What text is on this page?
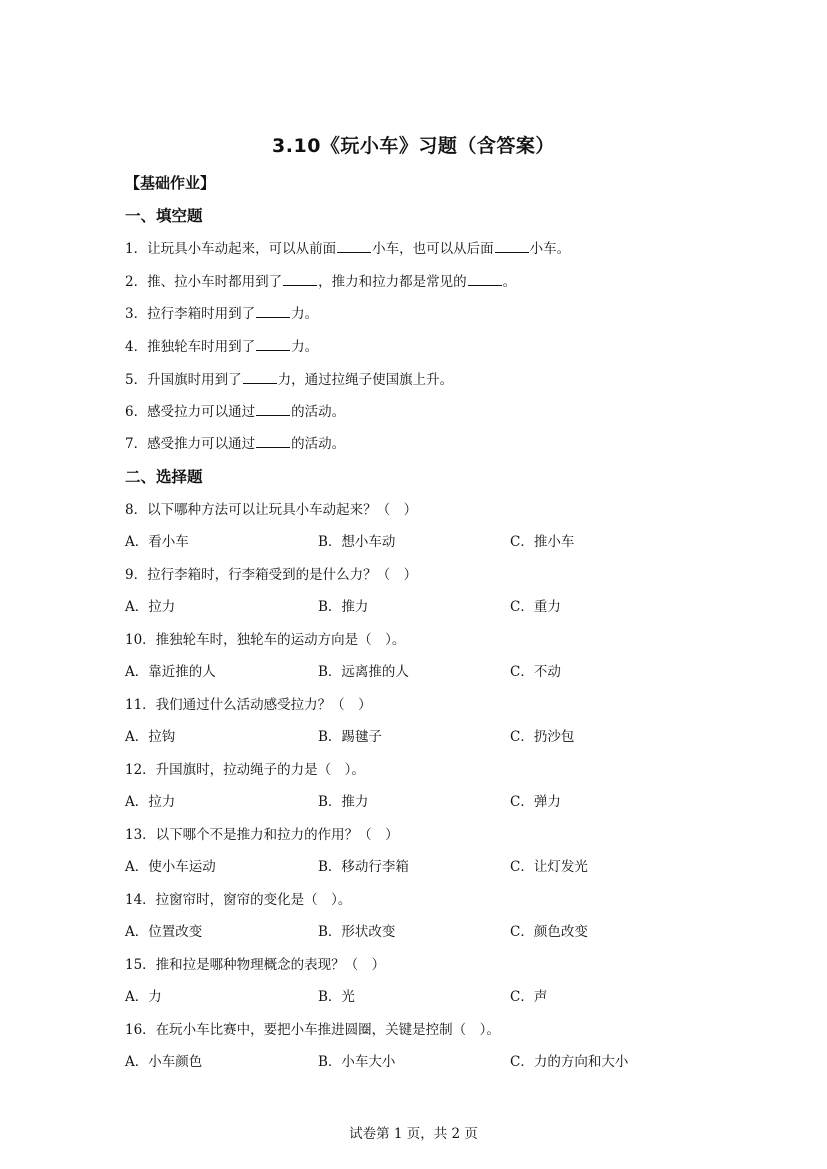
3.10《玩小车》习题（含答案）
【基础作业】
一、填空题
1．让玩具小车动起来，可以从前面	小车，也可以从后面	小车。
2．推、拉小车时都用到了	，推力和拉力都是常见的	。
3．拉行李箱时用到了	力。
4．推独轮车时用到了	力。
5．升国旗时用到了	力，通过拉绳子使国旗上升。
6．感受拉力可以通过	的活动。
7．感受推力可以通过	的活动。
二、选择题
8．以下哪种方法可以让玩具小车动起来？（　）
A．看小车	B．想小车动	C．推小车
9．拉行李箱时，行李箱受到的是什么力？（　）
A．拉力	B．推力	C．重力
10．推独轮车时，独轮车的运动方向是（　）。
A．靠近推的人	B．远离推的人	C．不动
11．我们通过什么活动感受拉力？（　）
A．拉钩	B．踢毽子	C．扔沙包
12．升国旗时，拉动绳子的力是（　）。
A．拉力	B．推力	C．弹力
13．以下哪个不是推力和拉力的作用？（　）
A．使小车运动	B．移动行李箱	C．让灯发光
14．拉窗帘时，窗帘的变化是（　）。
A．位置改变	B．形状改变	C．颜色改变
15．推和拉是哪种物理概念的表现？（　）
A．力	B．光	C．声
16．在玩小车比赛中，要把小车推进圆圈，关键是控制（　）。
A．小车颜色	B．小车大小	C．力的方向和大小
试卷第 1 页，共 2 页
